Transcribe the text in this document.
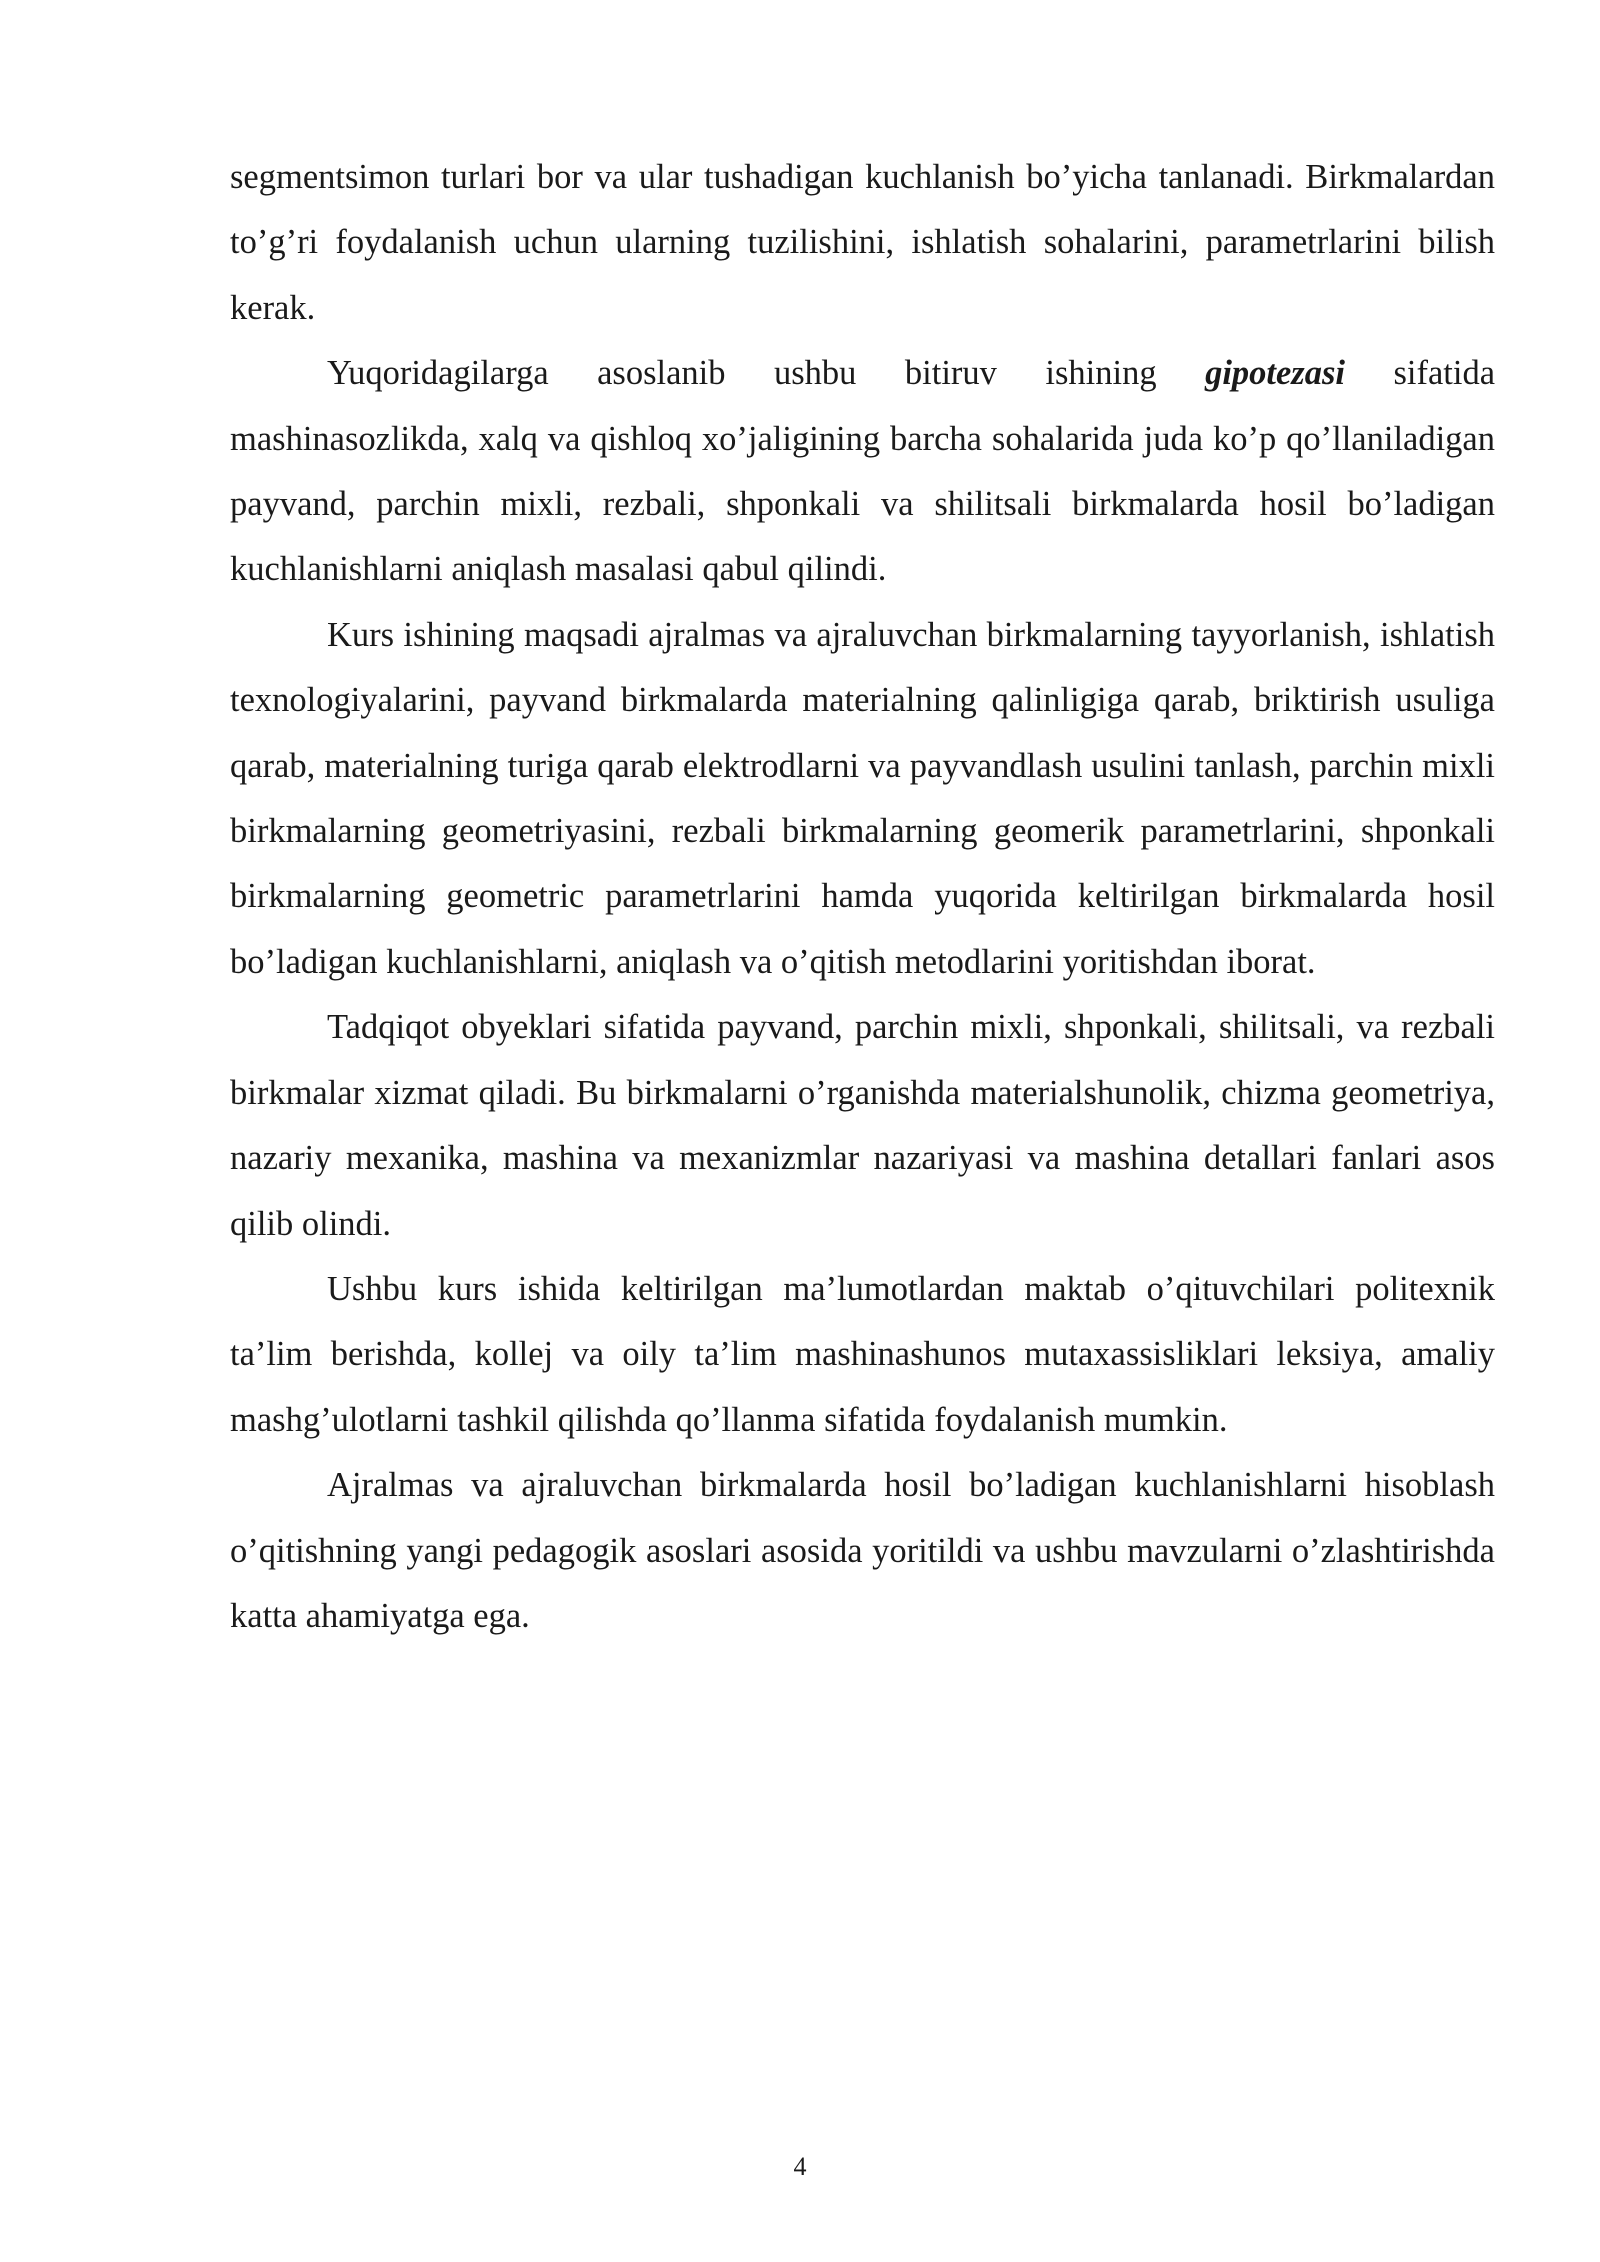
segmentsimon turlari bor va ular tushadigan kuchlanish bo’yicha tanlanadi. Birkmalardan to’g’ri foydalanish uchun ularning tuzilishini, ishlatish sohalarini, parametrlarini bilish kerak.

Yuqoridagilarga asoslanib ushbu bitiruv ishining gipotezasi sifatida mashinasozlikda, xalq va qishloq xo’jaligining barcha sohalarida juda ko’p qo’llaniladigan payvand, parchin mixli, rezbali, shponkali va shilitsali birkmalarda hosil bo’ladigan kuchlanishlarni aniqlash masalasi qabul qilindi.

Kurs ishining maqsadi ajralmas va ajraluvchan birkmalarning tayyorlanish, ishlatish texnologiyalarini, payvand birkmalarda materialning qalinligiga qarab, briktirish usuliga qarab, materialning turiga qarab elektrodlarni va payvandlash usulini tanlash, parchin mixli birkmalarning geometriyasini, rezbali birkmalarning geomerik parametrlarini, shponkali birkmalarning geometric parametrlarini hamda yuqorida keltirilgan birkmalarda hosil bo’ladigan kuchlanishlarni, aniqlash va o’qitish metodlarini yoritishdan iborat.

Tadqiqot obyeklari sifatida payvand, parchin mixli, shponkali, shilitsali, va rezbali birkmalar xizmat qiladi. Bu birkmalarni o’rganishda materialshunolik, chizma geometriya, nazariy mexanika, mashina va mexanizmlar nazariyasi va mashina detallari fanlari asos qilib olindi.

Ushbu kurs ishida keltirilgan ma’lumotlardan maktab o’qituvchilari politexnik ta’lim berishda, kollej va oily ta’lim mashinashunos mutaxassisliklari leksiya, amaliy mashg’ulotlarni tashkil qilishda qo’llanma sifatida foydalanish mumkin.

Ajralmas va ajraluvchan birkmalarda hosil bo’ladigan kuchlanishlarni hisoblash o’qitishning yangi pedagogik asoslari asosida yoritildi va ushbu mavzularni o’zlashtirishda katta ahamiyatga ega.

4
